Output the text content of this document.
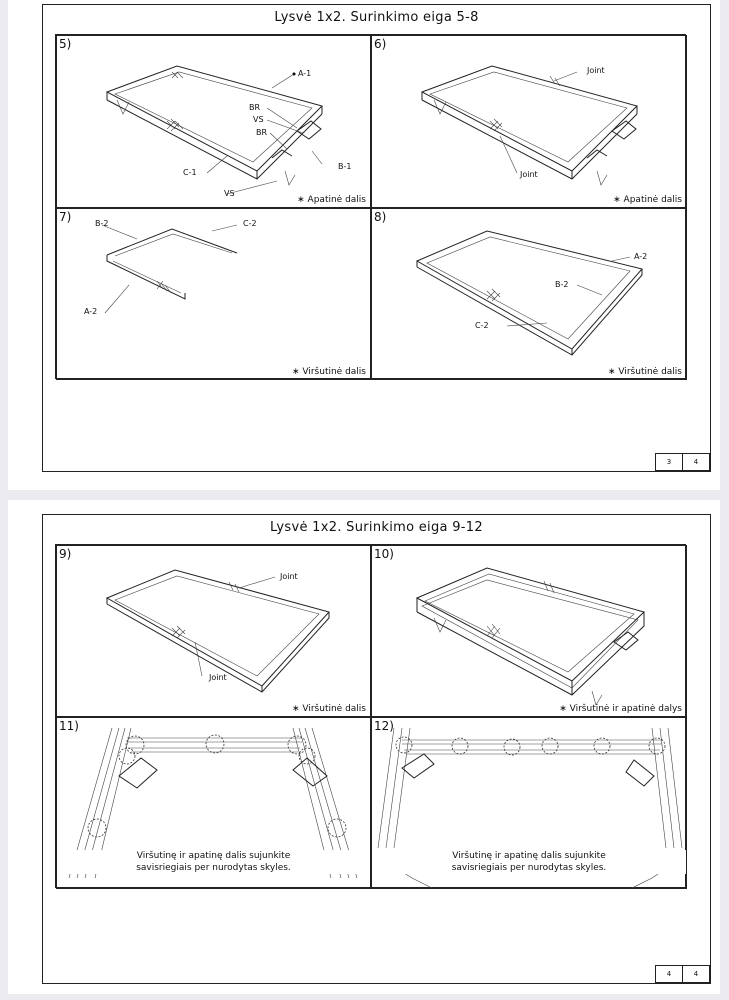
Lysvė 1x2. Surinkimo eiga 5-8
5)
A-1
BR
VS
BR
C-1
B-1
VS
∗ Apatinė dalis
6)
Joint
Joint
∗ Apatinė dalis
7)	B-2	C-2
A-2
∗ Viršutinė dalis
8)
A-2
B-2
C-2
∗ Viršutinė dalis
3	4
Lysvė 1x2. Surinkimo eiga 9-12
9)
Joint
Joint
∗ Viršutinė dalis
10)
∗ Viršutinė ir apatinė dalys
11)
Viršutinę ir apatinę dalis sujunkite
savisriegiais per nurodytas skyles.
12)
Viršutinę ir apatinę dalis sujunkite
savisriegiais per nurodytas skyles.
4	4
